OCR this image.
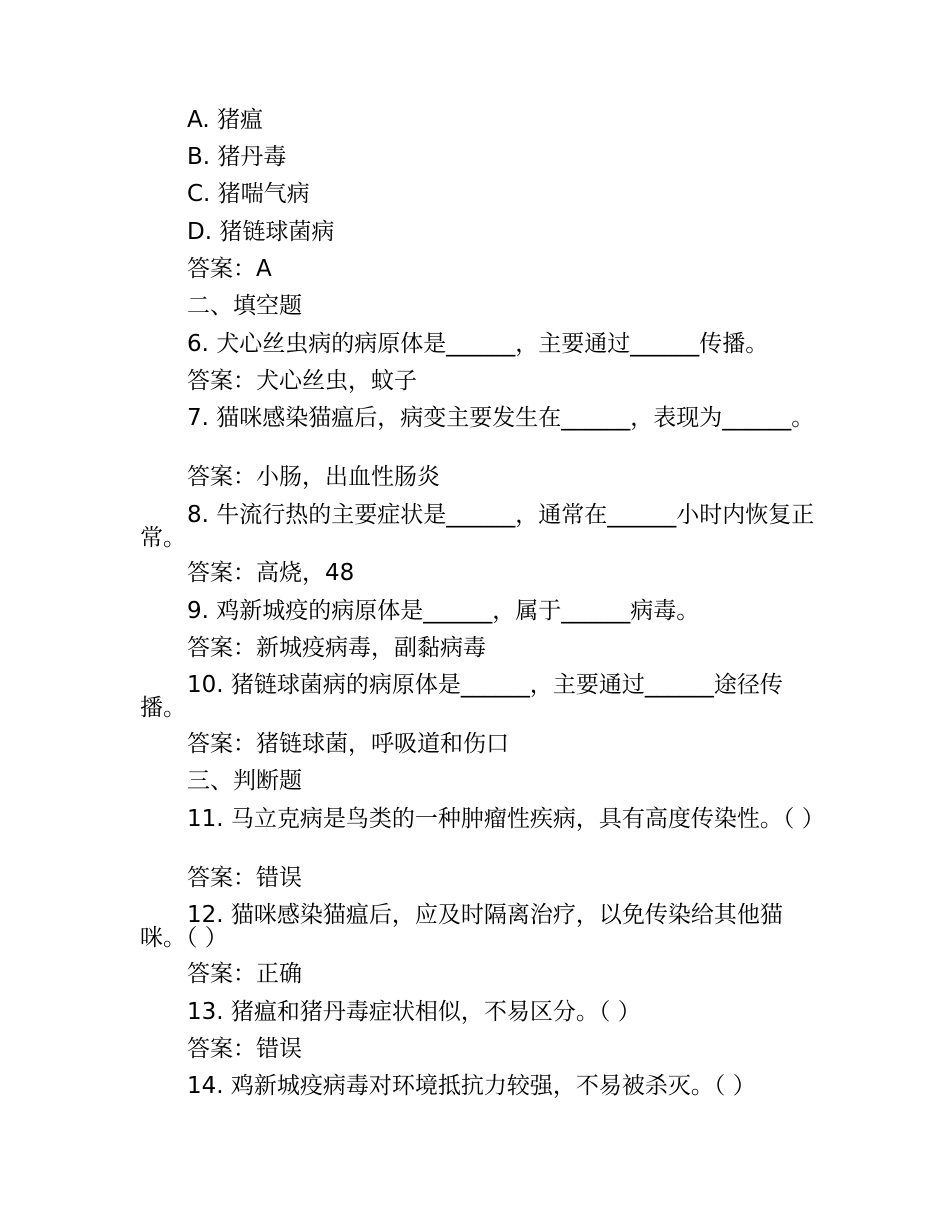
A. 猪瘟
B. 猪丹毒
C. 猪喘气病
D. 猪链球菌病
答案：A
二、填空题
6. 犬心丝虫病的病原体是______，主要通过______传播。
答案：犬心丝虫，蚊子
7. 猫咪感染猫瘟后，病变主要发生在______，表现为______。
答案：小肠，出血性肠炎
8. 牛流行热的主要症状是______，通常在______小时内恢复正常。
答案：高烧，48
9. 鸡新城疫的病原体是______，属于______病毒。
答案：新城疫病毒，副黏病毒
10. 猪链球菌病的病原体是______，主要通过______途径传播。
答案：猪链球菌，呼吸道和伤口
三、判断题
11. 马立克病是鸟类的一种肿瘤性疾病，具有高度传染性。（ ）
答案：错误
12. 猫咪感染猫瘟后，应及时隔离治疗，以免传染给其他猫咪。（ ）
答案：正确
13. 猪瘟和猪丹毒症状相似，不易区分。（ ）
答案：错误
14. 鸡新城疫病毒对环境抵抗力较强，不易被杀灭。（ ）
